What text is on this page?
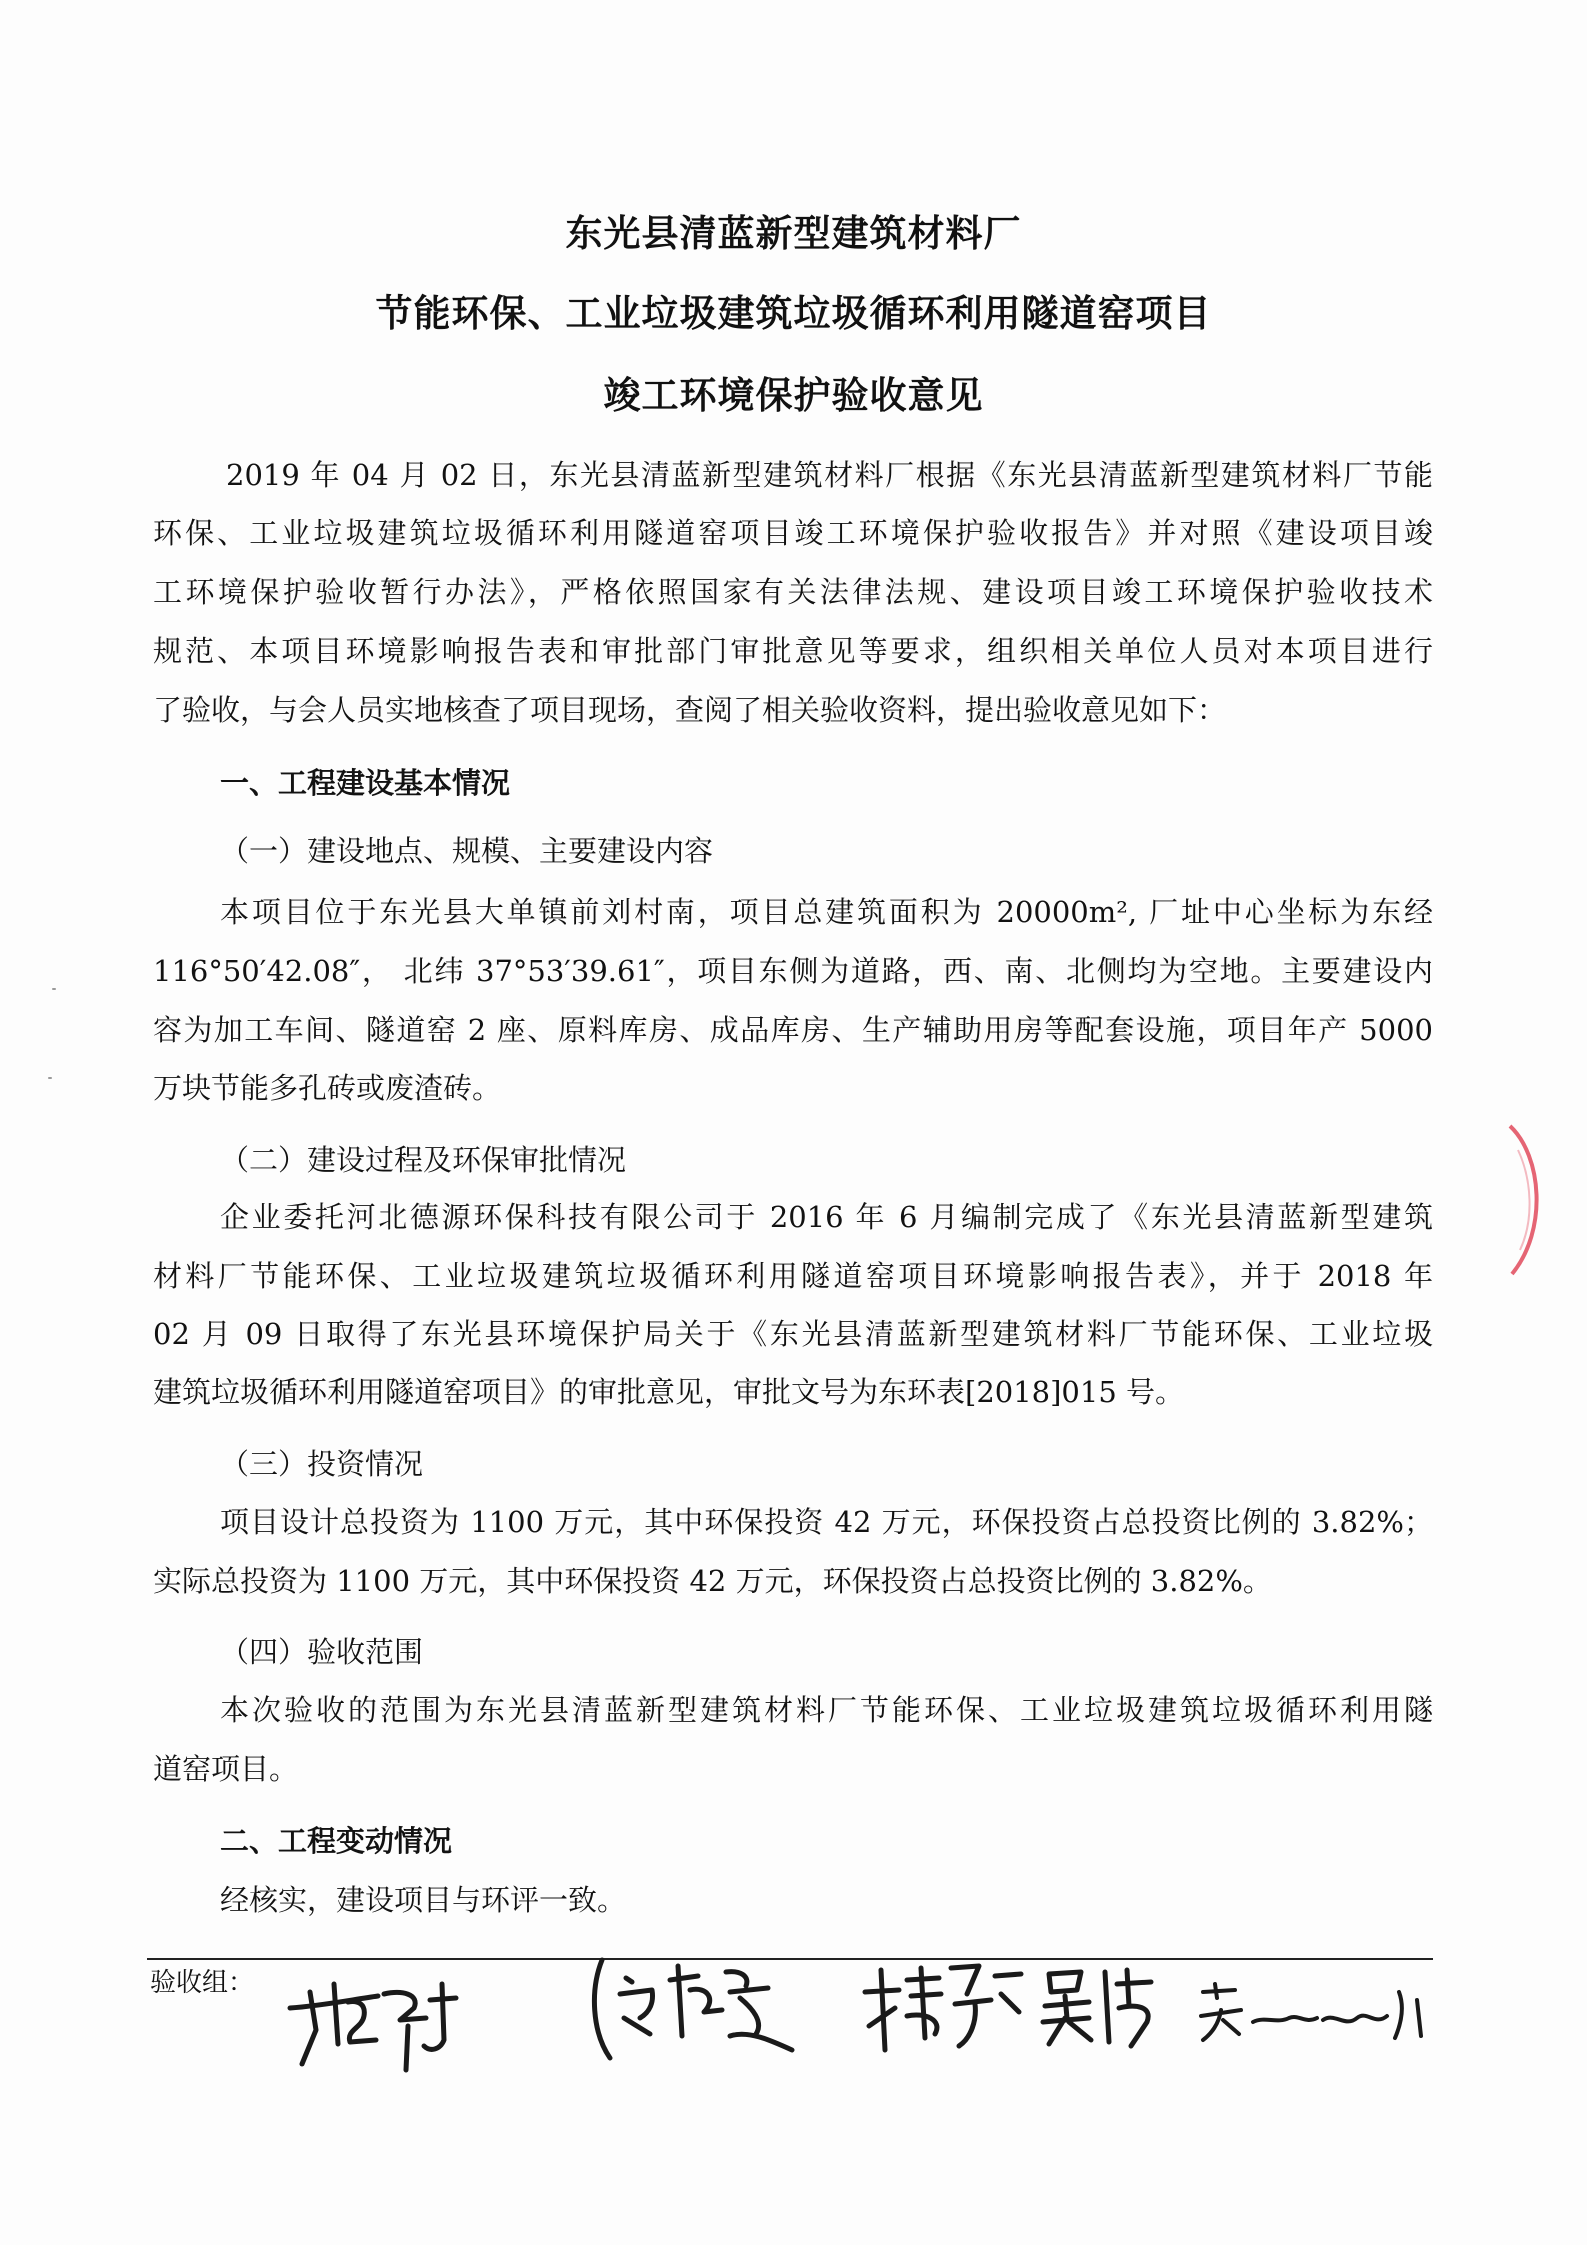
东光县清蓝新型建筑材料厂
节能环保、工业垃圾建筑垃圾循环利用隧道窑项目
竣工环境保护验收意见
2019 年 04 月 02 日，东光县清蓝新型建筑材料厂根据《东光县清蓝新型建筑材料厂节能
环保、工业垃圾建筑垃圾循环利用隧道窑项目竣工环境保护验收报告》并对照《建设项目竣
工环境保护验收暂行办法》，严格依照国家有关法律法规、建设项目竣工环境保护验收技术
规范、本项目环境影响报告表和审批部门审批意见等要求，组织相关单位人员对本项目进行
了验收，与会人员实地核查了项目现场，查阅了相关验收资料，提出验收意见如下：
一、工程建设基本情况
（一）建设地点、规模、主要建设内容
本项目位于东光县大单镇前刘村南，项目总建筑面积为 20000m², 厂址中心坐标为东经
116°50′42.08″， 北纬 37°53′39.61″，项目东侧为道路，西、南、北侧均为空地。主要建设内
容为加工车间、隧道窑 2 座、原料库房、成品库房、生产辅助用房等配套设施，项目年产 5000
万块节能多孔砖或废渣砖。
（二）建设过程及环保审批情况
企业委托河北德源环保科技有限公司于 2016 年 6 月编制完成了《东光县清蓝新型建筑
材料厂节能环保、工业垃圾建筑垃圾循环利用隧道窑项目环境影响报告表》，并于 2018 年
02 月 09 日取得了东光县环境保护局关于《东光县清蓝新型建筑材料厂节能环保、工业垃圾
建筑垃圾循环利用隧道窑项目》的审批意见，审批文号为东环表[2018]015 号。
（三）投资情况
项目设计总投资为 1100 万元，其中环保投资 42 万元，环保投资占总投资比例的 3.82%；
实际总投资为 1100 万元，其中环保投资 42 万元，环保投资占总投资比例的 3.82%。
（四）验收范围
本次验收的范围为东光县清蓝新型建筑材料厂节能环保、工业垃圾建筑垃圾循环利用隧
道窑项目。
二、工程变动情况
经核实，建设项目与环评一致。
验收组：
